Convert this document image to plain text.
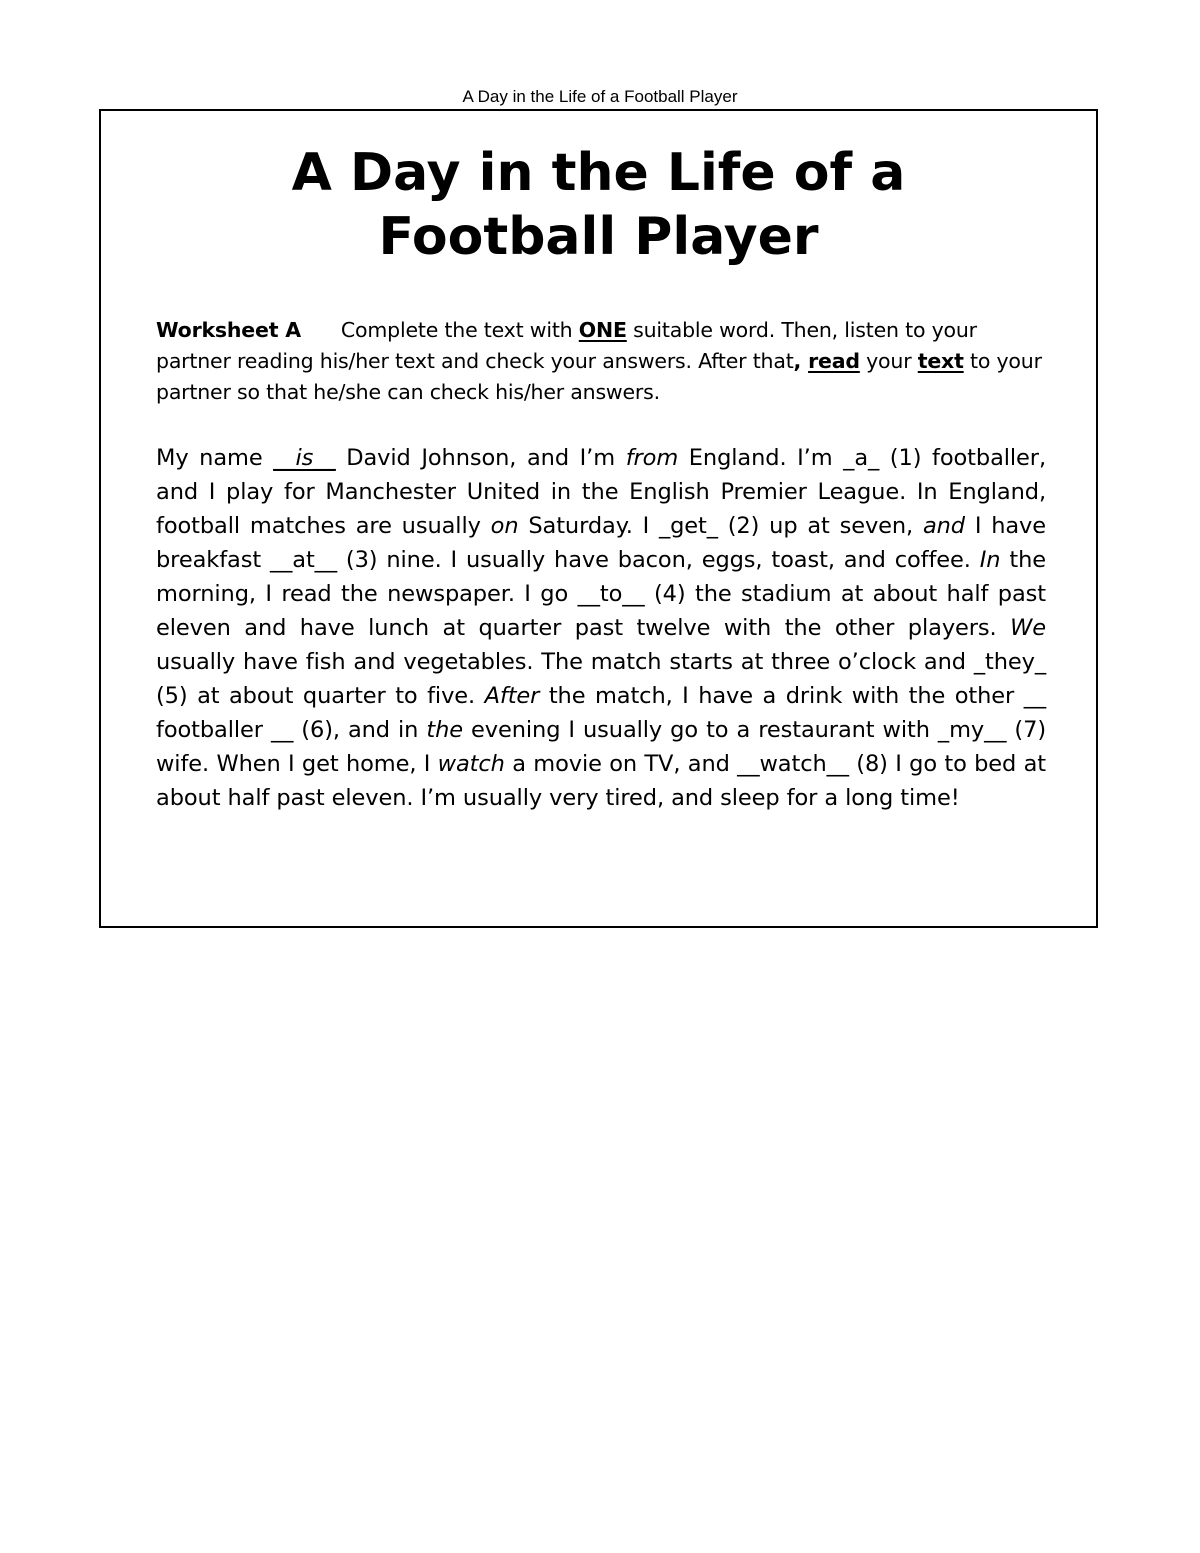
A Day in the Life of a Football Player
A Day in the Life of a
Football Player

Worksheet A Complete the text with ONE suitable word. Then, listen to your partner reading his/her text and check your answers. After that, read your text to your partner so that he/she can check his/her answers.

My name __is__ David Johnson, and I’m from England. I’m _a_ (1) footballer, and I play for Manchester United in the English Premier League. In England, football matches are usually on Saturday. I _get_ (2) up at seven, and I have breakfast __at__ (3) nine. I usually have bacon, eggs, toast, and coffee. In the morning, I read the newspaper. I go __to__ (4) the stadium at about half past eleven and have lunch at quarter past twelve with the other players. We usually have fish and vegetables. The match starts at three o’clock and _they_ (5) at about quarter to five. After the match, I have a drink with the other __ footballer __ (6), and in the evening I usually go to a restaurant with _my__ (7) wife. When I get home, I watch a movie on TV, and __watch__ (8) I go to bed at about half past eleven. I’m usually very tired, and sleep for a long time!
